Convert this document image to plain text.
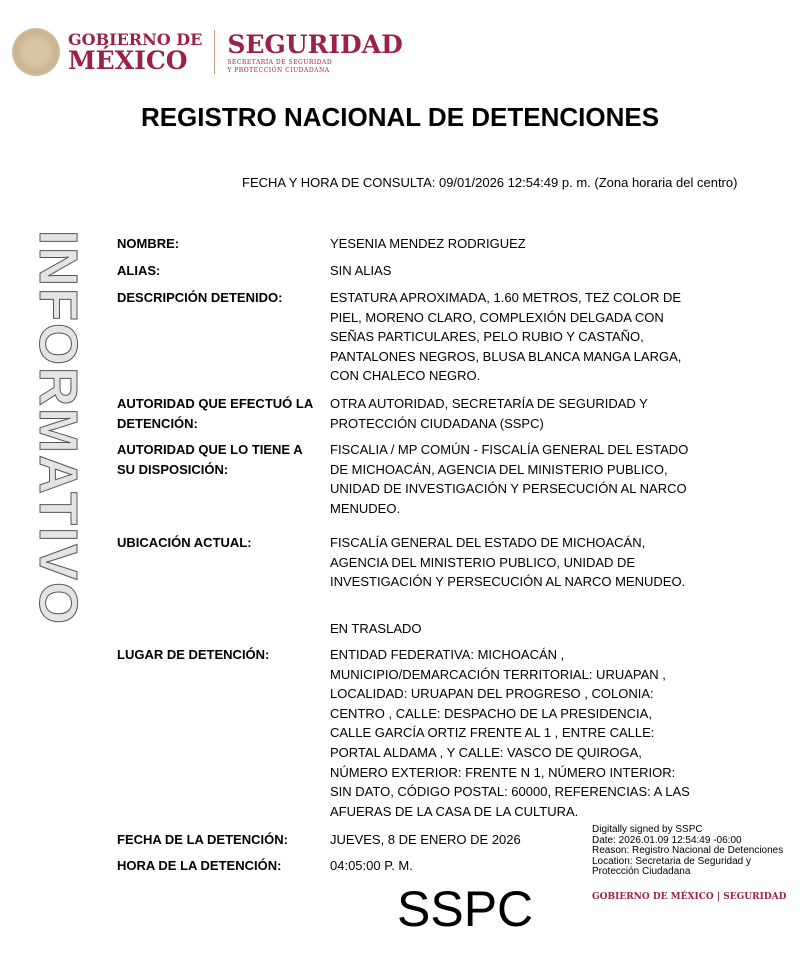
GOBIERNO DE
MÉXICO
SEGURIDAD
SECRETARÍA DE SEGURIDAD
Y PROTECCIÓN CIUDADANA
REGISTRO NACIONAL DE DETENCIONES
FECHA Y HORA DE CONSULTA: 09/01/2026 12:54:49 p. m. (Zona horaria del centro)
NOMBRE:	YESENIA MENDEZ RODRIGUEZ
ALIAS:	SIN ALIAS
DESCRIPCIÓN DETENIDO:	ESTATURA APROXIMADA, 1.60 METROS, TEZ COLOR DE PIEL, MORENO CLARO, COMPLEXIÓN DELGADA CON SEÑAS PARTICULARES, PELO RUBIO Y CASTAÑO, PANTALONES NEGROS, BLUSA BLANCA MANGA LARGA, CON CHALECO NEGRO.
AUTORIDAD QUE EFECTUÓ LA DETENCIÓN:
OTRA AUTORIDAD, SECRETARÍA DE SEGURIDAD Y PROTECCIÓN CIUDADANA (SSPC)
AUTORIDAD QUE LO TIENE A SU DISPOSICIÓN:
FISCALIA / MP COMÚN - FISCALÍA GENERAL DEL ESTADO DE MICHOACÁN, AGENCIA DEL MINISTERIO PUBLICO, UNIDAD DE INVESTIGACIÓN Y PERSECUCIÓN AL NARCO MENUDEO.
UBICACIÓN ACTUAL:	FISCALÍA GENERAL DEL ESTADO DE MICHOACÁN, AGENCIA DEL MINISTERIO PUBLICO, UNIDAD DE INVESTIGACIÓN Y PERSECUCIÓN AL NARCO MENUDEO.
EN TRASLADO
LUGAR DE DETENCIÓN:	ENTIDAD FEDERATIVA: MICHOACÁN , MUNICIPIO/DEMARCACIÓN TERRITORIAL: URUAPAN , LOCALIDAD: URUAPAN DEL PROGRESO , COLONIA: CENTRO , CALLE: DESPACHO DE LA PRESIDENCIA, CALLE GARCÍA ORTIZ FRENTE AL 1 , ENTRE CALLE: PORTAL ALDAMA , Y CALLE: VASCO DE QUIROGA, NÚMERO EXTERIOR: FRENTE N 1, NÚMERO INTERIOR: SIN DATO, CÓDIGO POSTAL: 60000, REFERENCIAS: A LAS AFUERAS DE LA CASA DE LA CULTURA.
FECHA DE LA DETENCIÓN:	JUEVES, 8 DE ENERO DE 2026
HORA DE LA DETENCIÓN:	04:05:00 P. M.
Digitally signed by SSPC
Date: 2026.01.09 12:54:49 -06:00
Reason: Registro Nacional de Detenciones
Location: Secretaria de Seguridad y
Protección Ciudadana
GOBIERNO DE MÉXICO | SEGURIDAD
SSPC
INFORMATIVO
